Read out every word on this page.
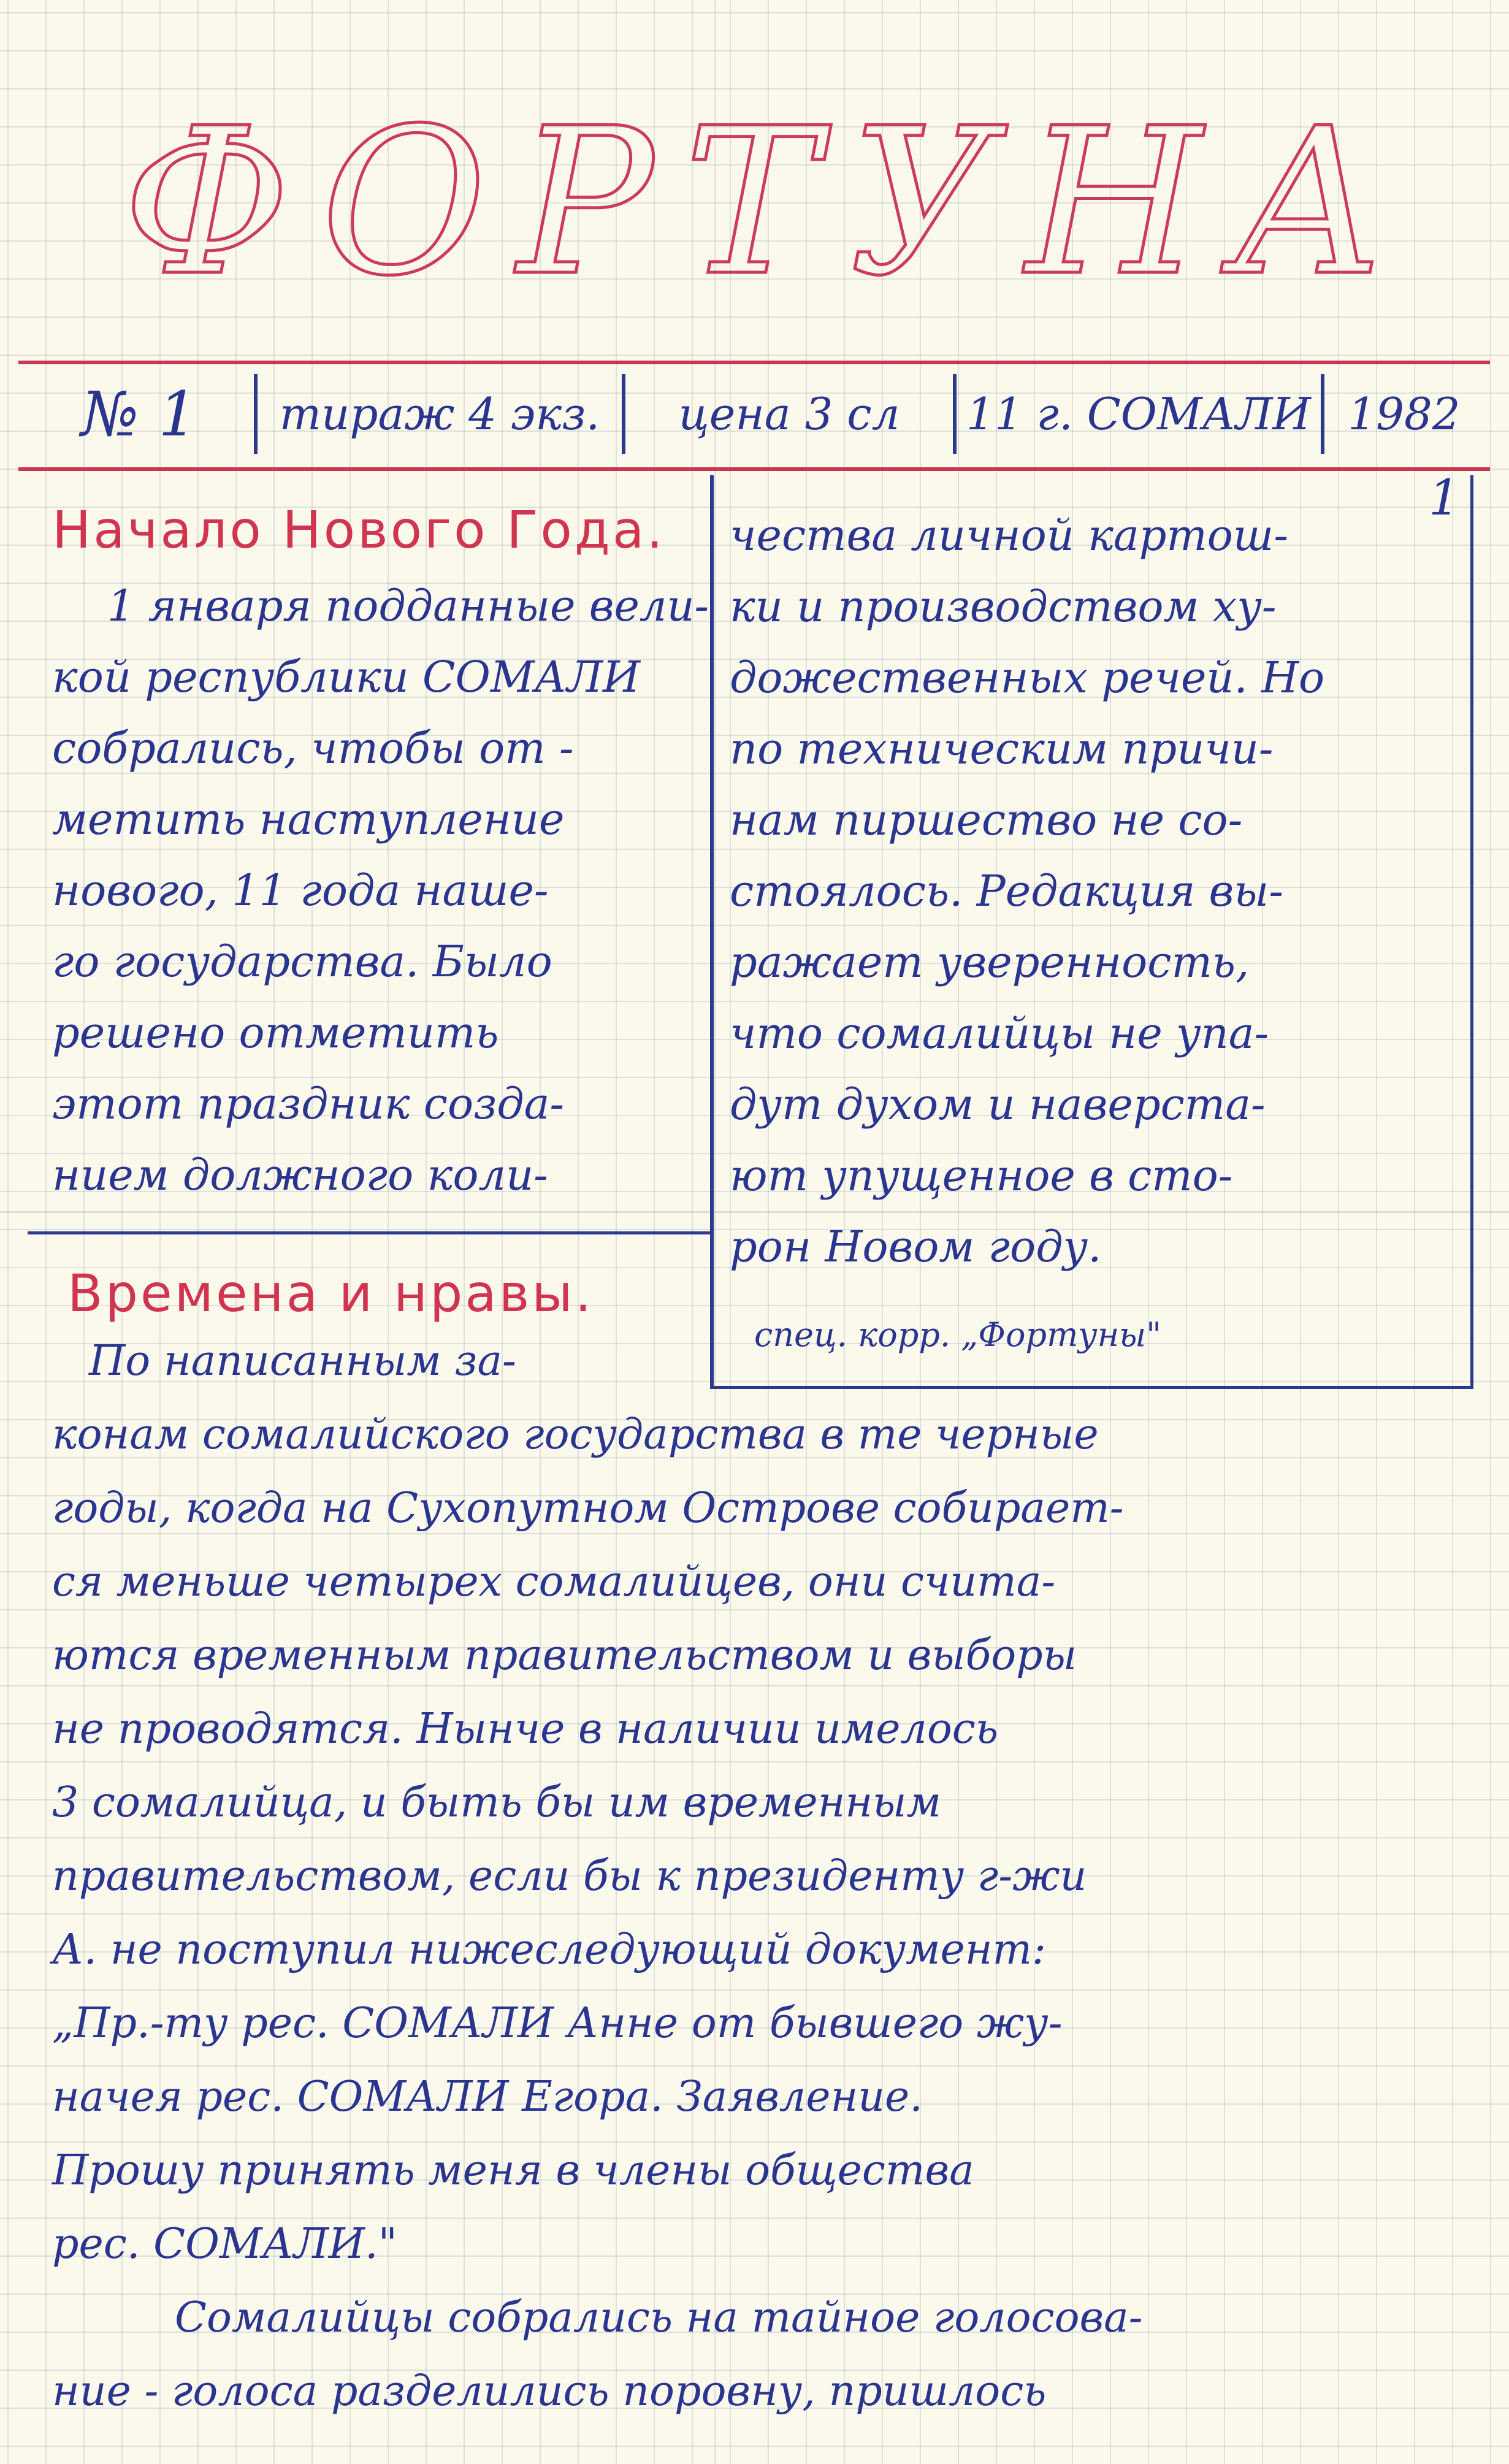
Ф О Р Т У Н А
№ 1	тираж 4 экз.	цена 3 сл	11 г. СОМАЛИ 1982
1
Начало Нового Года.

1 января подданные вели-

кой республики СОМАЛИ

собрались, чтобы от -

метить наступление

нового, 11 года наше-

го государства. Было

решено отметить

этот праздник созда-

нием должного коли-

чества личной картош-

ки и производством ху-

дожественных речей. Но

по техническим причи-

нам пиршество не со-

стоялось. Редакция вы-

ражает уверенность,

что сомалийцы не упа-

дут духом и наверста-

ют упущенное в сто-

рон Новом году.

спец. корр. „Фортуны"
Времена и нравы.

По написанным за-

конам сомалийского государства в те черные

годы, когда на Сухопутном Острове собирает-

ся меньше четырех сомалийцев, они счита-

ются временным правительством и выборы

не проводятся. Нынче в наличии имелось

3 сомалийца, и быть бы им временным

правительством, если бы к президенту г-жи

А. не поступил нижеследующий документ:

„Пр.-ту рес. СОМАЛИ Анне от бывшего жу-

начея рес. СОМАЛИ Егора. Заявление.

Прошу принять меня в члены общества

рес. СОМАЛИ."

Сомалийцы собрались на тайное голосова-

ние - голоса разделились поровну, пришлось
